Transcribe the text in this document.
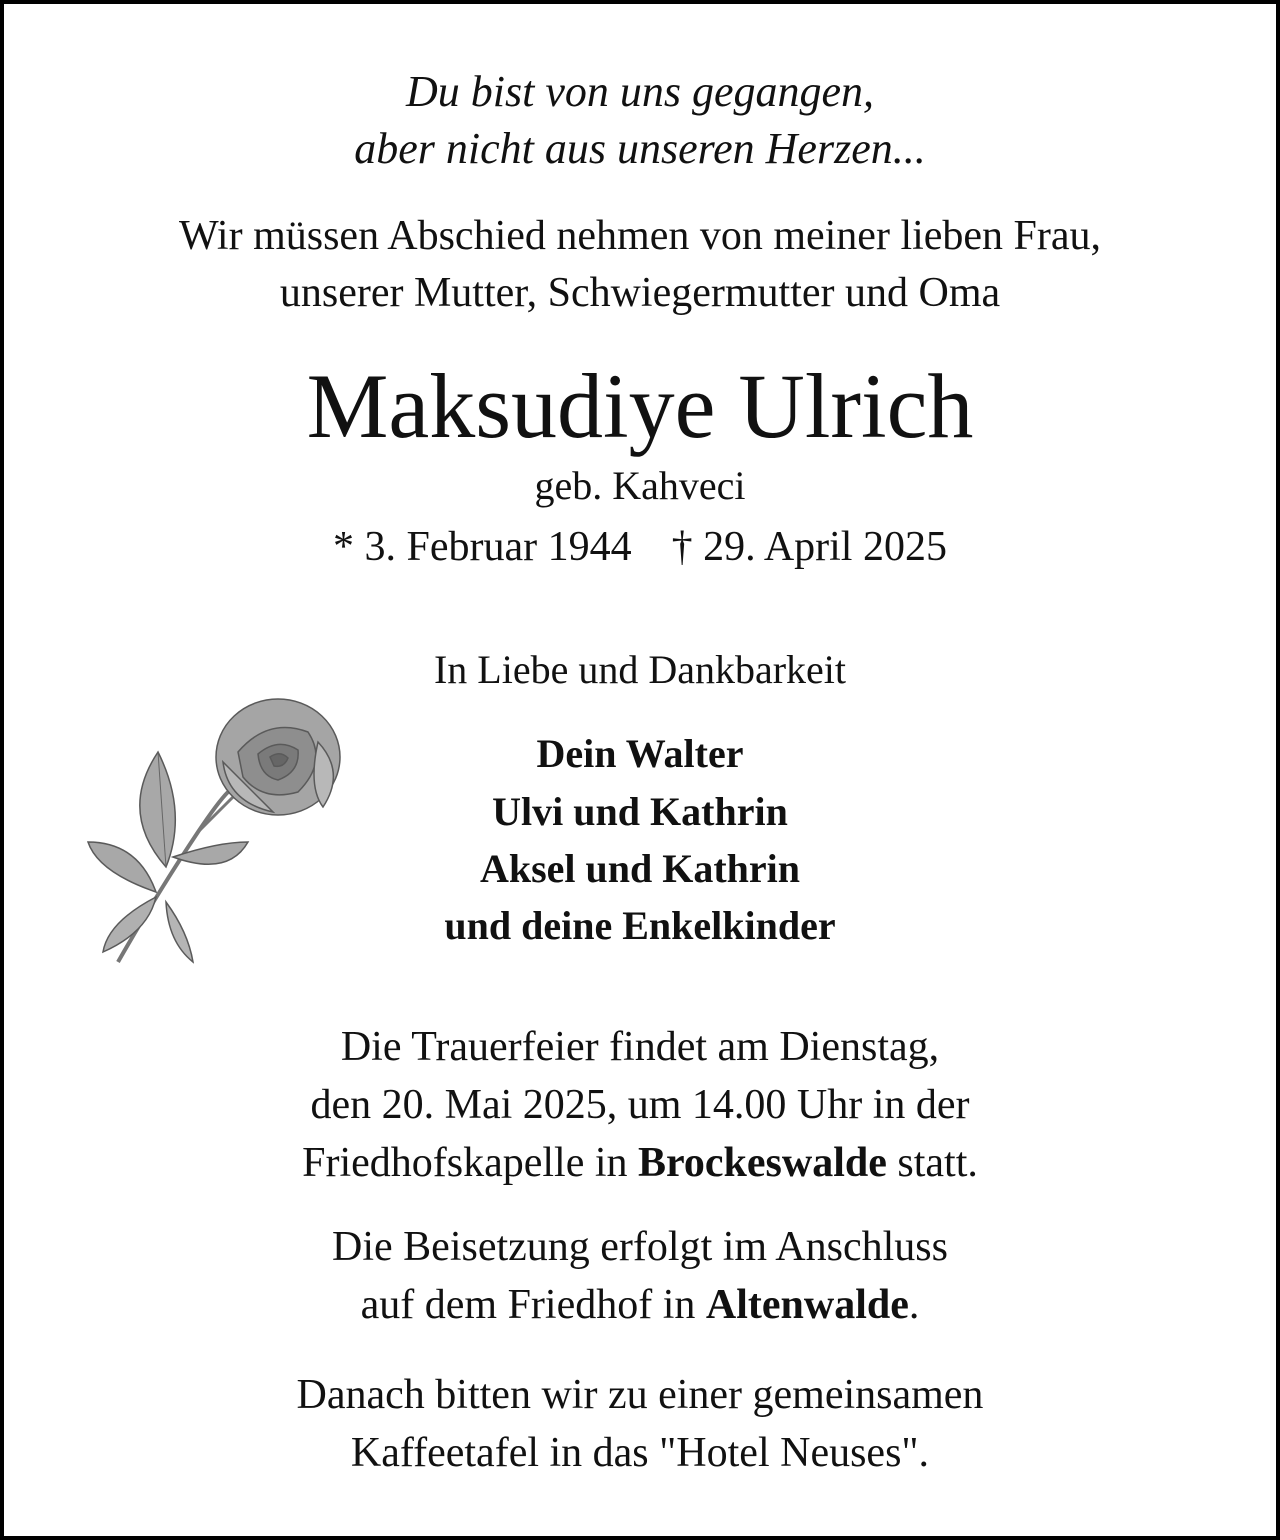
Du bist von uns gegangen,
aber nicht aus unseren Herzen...
Wir müssen Abschied nehmen von meiner lieben Frau,
unserer Mutter, Schwiegermutter und Oma
Maksudiye Ulrich
geb. Kahveci
* 3. Februar 1944 † 29. April 2025
In Liebe und Dankbarkeit
Dein Walter
Ulvi und Kathrin
Aksel und Kathrin
und deine Enkelkinder
Die Trauerfeier findet am Dienstag,
den 20. Mai 2025, um 14.00 Uhr in der
Friedhofskapelle in Brockeswalde statt.
Die Beisetzung erfolgt im Anschluss
auf dem Friedhof in Altenwalde.
Danach bitten wir zu einer gemeinsamen
Kaffeetafel in das "Hotel Neuses".
